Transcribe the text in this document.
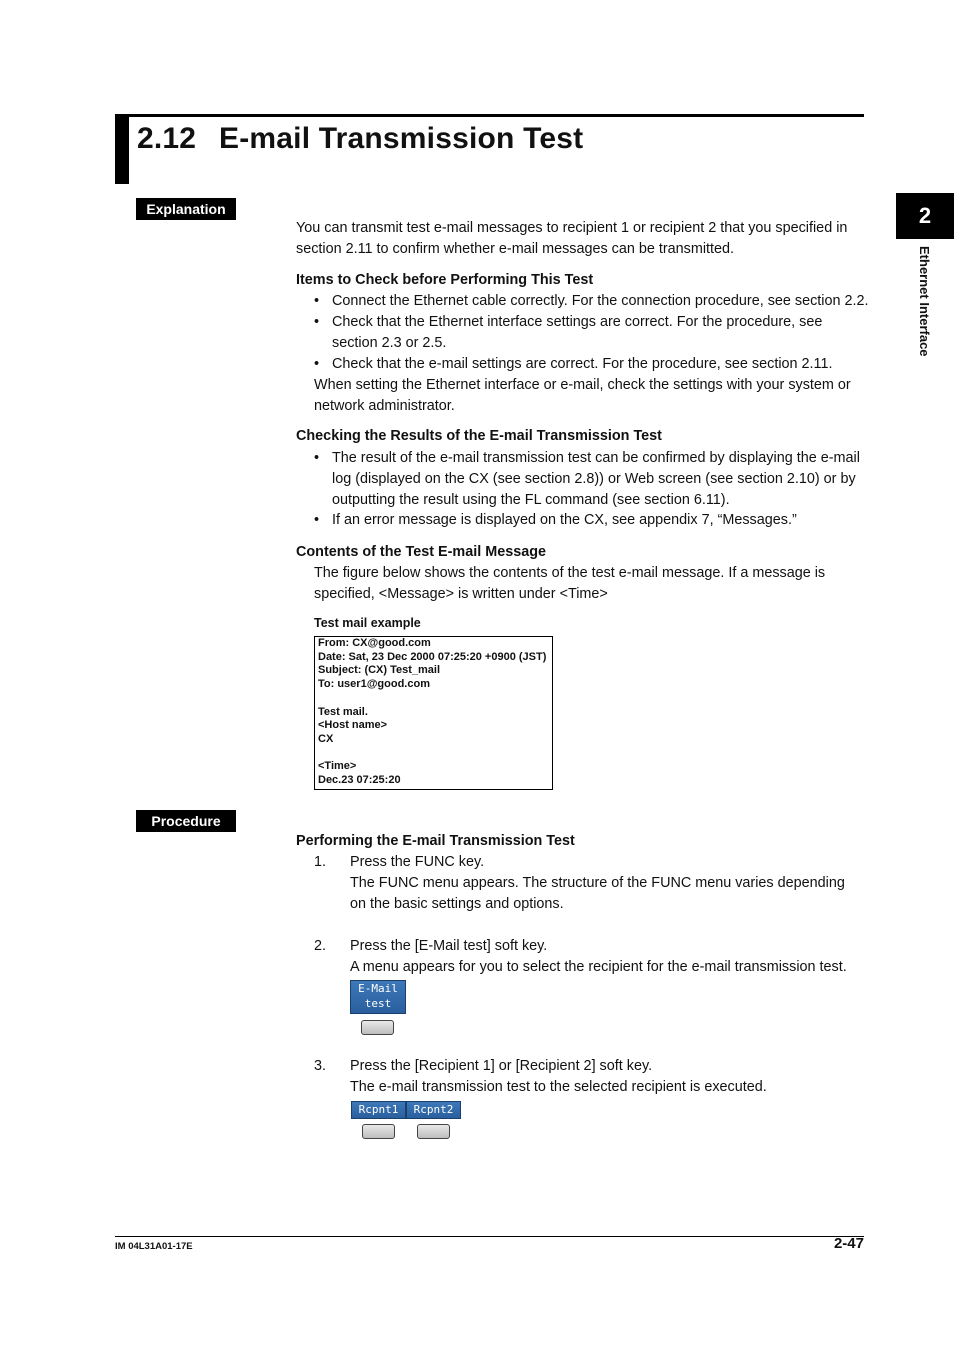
2.12 E-mail Transmission Test
2
Ethernet Interface
Explanation
You can transmit test e-mail messages to recipient 1 or recipient 2 that you specified in
section 2.11 to confirm whether e-mail messages can be transmitted.
Items to Check before Performing This Test
• Connect the Ethernet cable correctly. For the connection procedure, see section 2.2.
• Check that the Ethernet interface settings are correct. For the procedure, see
section 2.3 or 2.5.
• Check that the e-mail settings are correct. For the procedure, see section 2.11.
When setting the Ethernet interface or e-mail, check the settings with your system or
network administrator.
Checking the Results of the E-mail Transmission Test
• The result of the e-mail transmission test can be confirmed by displaying the e-mail
log (displayed on the CX (see section 2.8)) or Web screen (see section 2.10) or by
outputting the result using the FL command (see section 6.11).
• If an error message is displayed on the CX, see appendix 7, “Messages.”
Contents of the Test E-mail Message
The figure below shows the contents of the test e-mail message. If a message is
specified, <Message> is written under <Time>
Test mail example
From: CX@good.com
Date: Sat, 23 Dec 2000 07:25:20 +0900 (JST)
Subject: (CX) Test_mail
To: user1@good.com
Test mail.
<Host name>
CX
<Time>
Dec.23 07:25:20
Procedure
Performing the E-mail Transmission Test
1. Press the FUNC key.
The FUNC menu appears. The structure of the FUNC menu varies depending
on the basic settings and options.
2. Press the [E-Mail test] soft key.
A menu appears for you to select the recipient for the e-mail transmission test.
E-Mail
test
3. Press the [Recipient 1] or [Recipient 2] soft key.
The e-mail transmission test to the selected recipient is executed.
Rcpnt1	Rcpnt2
IM 04L31A01-17E	2-47
